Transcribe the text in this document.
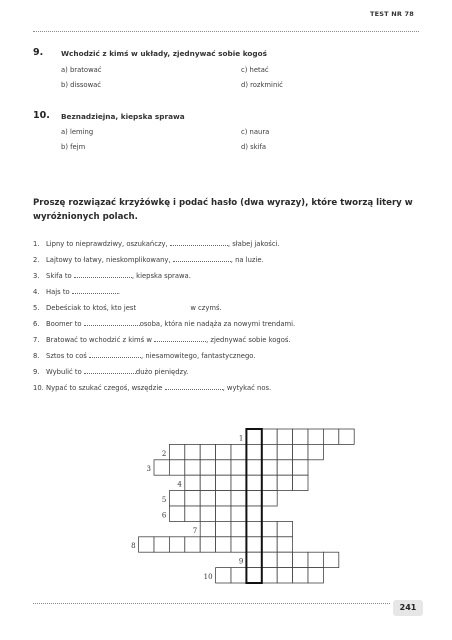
TEST NR 78
9. Wchodzić z kimś w układy, zjednywać sobie kogoś
a) bratować	c) hetać
b) dissować	d) rozkminić
10. Beznadziejna, kiepska sprawa
a) leming	c) naura
b) fejm	d) skifa
Proszę rozwiązać krzyżówkę i podać hasło (dwa wyrazy), które tworzą litery w wyróżnionych polach.
1. Lipny to nieprawdziwy, oszukańczy,	, słabej jakości.
2. Lajtowy to łatwy, nieskomplikowany,	, na luzie.
3. Skifa to	, kiepska sprawa.
4. Hajs to	.
5. Debeściak to ktoś, kto jest	w czymś.
6. Boomer to	osoba, która nie nadąża za nowymi trendami.
7. Bratować to wchodzić z kimś w	, zjednywać sobie kogoś.
8. Sztos to coś	, niesamowitego, fantastycznego.
9. Wybulić to	dużo pieniędzy.
10. Nypać to szukać czegoś, wszędzie	, wytykać nos.
1
2
3
4
5
6
7
8
9
10
241
